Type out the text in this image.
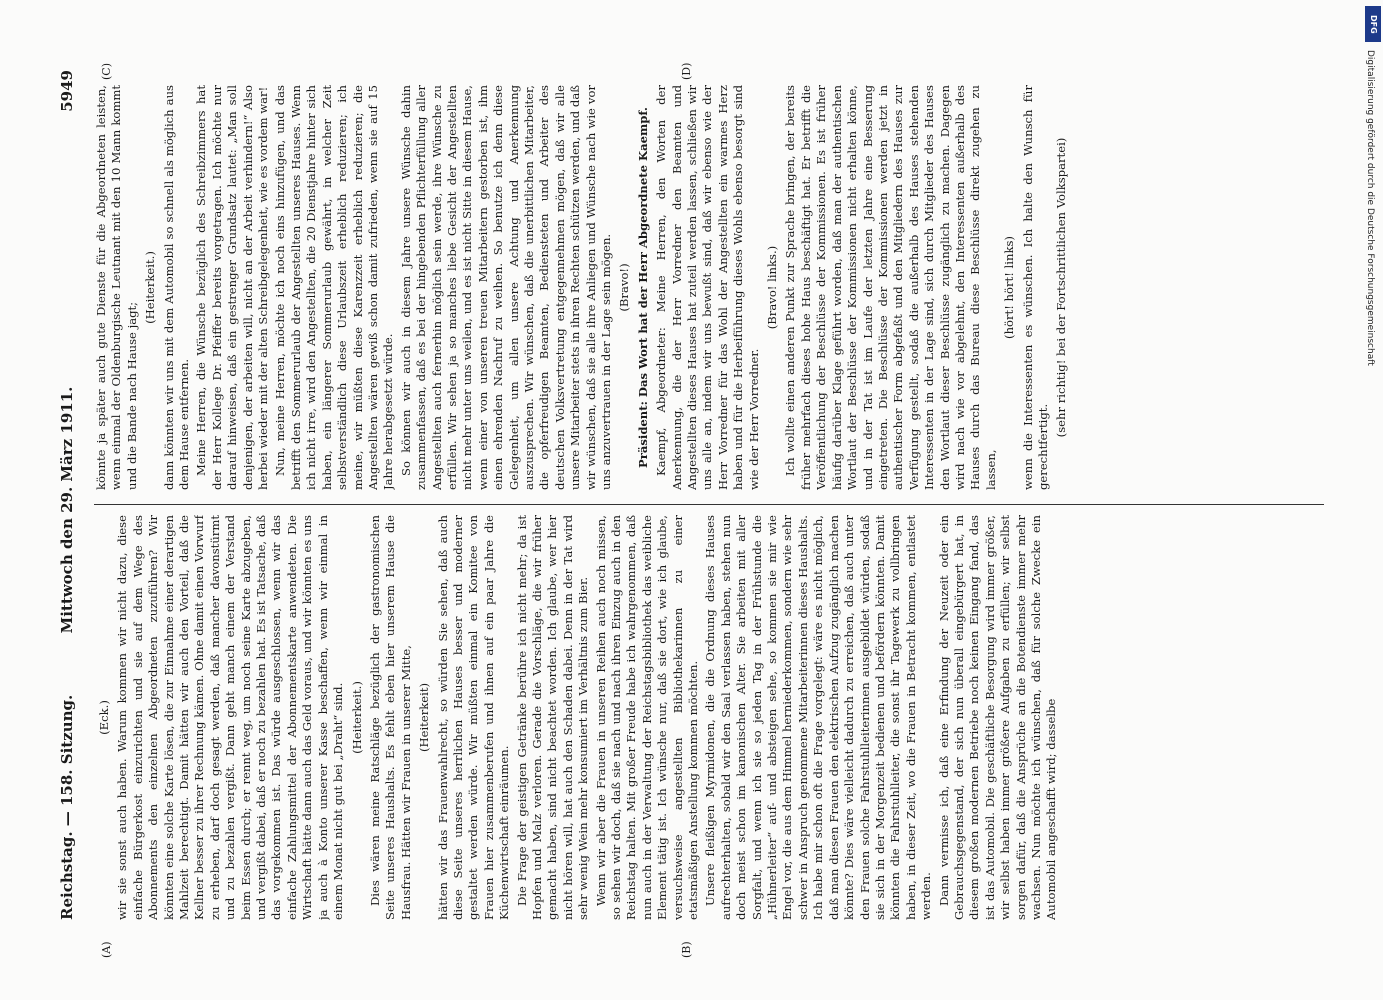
Reichstag. — 158. Sitzung.
Mittwoch den 29. März 1911.
5949
(A)	(B)
(C)	(D)

(Eck.) wir sie sonst auch haben. Warum kommen wir nicht dazu, diese einfache Bürgerkost einzurichten und sie auf dem Wege des Abonnements den einzelnen Abgeordneten zuzuführen? Wir könnten eine solche Karte lösen, die zur Einnahme einer derartigen Mahlzeit berechtigt. Damit hätten wir auch den Vorteil, daß die Kellner besser zu ihrer Rechnung kämen. Ohne damit einen Vorwurf zu erheben, darf doch gesagt werden, daß mancher davonstürmt und zu bezahlen vergißt. Dann geht manch einem der Verstand beim Essen durch; er rennt weg, um noch seine Karte abzugeben, und vergißt dabei, daß er noch zu bezahlen hat. Es ist Tatsache, daß das vorgekommen ist. Das würde ausgeschlossen, wenn wir das einfache Zahlungsmittel der Abonnementskarte anwendeten. Die Wirtschaft hätte dann auch das Geld voraus, und wir könnten es uns ja auch à Konto unserer Kasse beschaffen, wenn wir einmal in einem Monat nicht gut bei „Draht“ sind. (Heiterkeit.) Dies wären meine Ratschläge bezüglich der gastronomischen Seite unseres Haushalts. Es fehlt eben hier unserem Hause die Hausfrau. Hätten wir Frauen in unserer Mitte, (Heiterkeit) hätten wir das Frauenwahlrecht, so würden Sie sehen, daß auch diese Seite unseres herrlichen Hauses besser und moderner gestaltet werden würde. Wir müßten einmal ein Komitee von Frauen hier zusammenberufen und ihnen auf ein paar Jahre die Küchenwirtschaft einräumen. Die Frage der geistigen Getränke berühre ich nicht mehr; da ist Hopfen und Malz verloren. Gerade die Vorschläge, die wir früher gemacht haben, sind nicht beachtet worden. Ich glaube, wer hier nicht hören will, hat auch den Schaden dabei. Denn in der Tat wird sehr wenig Wein mehr konsumiert im Verhältnis zum Bier. Wenn wir aber die Frauen in unseren Reihen auch noch missen, so sehen wir doch, daß sie nach und nach ihren Einzug auch in den Reichstag halten. Mit großer Freude habe ich wahrgenommen, daß nun auch in der Verwaltung der Reichstagsbibliothek das weibliche Element tätig ist. Ich wünsche nur, daß sie dort, wie ich glaube, versuchsweise angestellten Bibliothekarinnen zu einer etatsmäßigen Anstellung kommen möchten. Unsere fleißigen Myrmidonen, die die Ordnung dieses Hauses aufrechterhalten, sobald wir den Saal verlassen haben, stehen nun doch meist schon im kanonischen Alter. Sie arbeiten mit aller Sorgfalt, und wenn ich sie so jeden Tag in der Frühstunde die „Hühnerleiter“ auf- und absteigen sehe, so kommen sie mir wie Engel vor, die aus dem Himmel herniederkommen, sondern wie sehr schwer in Anspruch genommene Mitarbeiterinnen dieses Haushalts. Ich habe mir schon oft die Frage vorgelegt: wäre es nicht möglich, daß man diesen Frauen den elektrischen Aufzug zugänglich machen könnte? Dies wäre vielleicht dadurch zu erreichen, daß auch unter den Frauen solche Fahrstuhlleiterinnen ausgebildet würden, sodaß sie sich in der Morgenzeit bedienen und befördern könnten. Damit könnten die Fahrstuhlleiter, die sonst ihr Tagewerk zu vollbringen haben, in dieser Zeit, wo die Frauen in Betracht kommen, entlastet werden. Dann vermisse ich, daß eine Erfindung der Neuzeit oder ein Gebrauchsgegenstand, der sich nun überall eingebürgert hat, in diesem großen modernen Betriebe noch keinen Eingang fand, das ist das Automobil. Die geschäftliche Besorgung wird immer größer, wir selbst haben immer größere Aufgaben zu erfüllen; wir selbst sorgen dafür, daß die Ansprüche an die Botendienste immer mehr wachsen. Nun möchte ich wünschen, daß für solche Zwecke ein Automobil angeschafft wird; dasselbe

könnte ja später auch gute Dienste für die Abgeordneten leisten, wenn einmal der Oldenburgische Leutnant mit den 10 Mann kommt und die Bande nach Hause jagt;

(Heiterkeit.) dann könnten wir uns mit dem Automobil so schnell als möglich aus dem Hause entfernen. Meine Herren, die Wünsche bezüglich des Schreibzimmers hat der Herr Kollege Dr. Pfeiffer bereits vorgetragen. Ich möchte nur darauf hinweisen, daß ein gestrenger Grundsatz lautet: „Man soll denjenigen, der arbeiten will, nicht an der Arbeit verhindern!“ Also herbei wieder mit der alten Schreibgelegenheit, wie es vordem war! Nun, meine Herren, möchte ich noch eins hinzufügen, und das betrifft den Sommerurlaub der Angestellten unseres Hauses. Wenn ich nicht irre, wird den Angestellten, die 20 Dienstjahre hinter sich haben, ein längerer Sommerurlaub gewährt, in welcher Zeit selbstverständlich diese Urlaubszeit erheblich reduzieren; ich meine, wir müßten diese Karenzzeit erheblich reduzieren; die Angestellten wären gewiß schon damit zufrieden, wenn sie auf 15 Jahre herabgesetzt würde. So können wir auch in diesem Jahre unsere Wünsche dahin zusammenfassen, daß es bei der hingebenden Pflichterfüllung aller Angestellten auch fernerhin möglich sein werde, ihre Wünsche zu erfüllen. Wir sehen ja so manches liebe Gesicht der Angestellten nicht mehr unter uns weilen, und es ist nicht Sitte in diesem Hause, wenn einer von unseren treuen Mitarbeitern gestorben ist, ihm einen ehrenden Nachruf zu weihen. So benutze ich denn diese Gelegenheit, um allen unsere Achtung und Anerkennung auszusprechen. Wir wünschen, daß die unerbittlichen Mitarbeiter, die opferfreudigen Beamten, Bediensteten und Arbeiter des deutschen Volksvertretung entgegennehmen mögen, daß wir alle unsere Mitarbeiter stets in ihren Rechten schützen werden, und daß wir wünschen, daß sie alle ihre Anliegen und Wünsche nach wie vor uns anzuvertrauen in der Lage sein mögen. (Bravo!) Präsident: Das Wort hat der Herr Abgeordnete Kaempf. Kaempf, Abgeordneter: Meine Herren, den Worten der Anerkennung, die der Herr Vorredner den Beamten und Angestellten dieses Hauses hat zuteil werden lassen, schließen wir uns alle an, indem wir uns bewußt sind, daß wir ebenso wie der Herr Vorredner für das Wohl der Angestellten ein warmes Herz haben und für die Herbeiführung dieses Wohls ebenso besorgt sind wie der Herr Vorredner.

(Bravo! links.) Ich wollte einen anderen Punkt zur Sprache bringen, der bereits früher mehrfach dieses hohe Haus beschäftigt hat. Er betrifft die Veröffentlichung der Beschlüsse der Kommissionen. Es ist früher häufig darüber Klage geführt worden, daß man der authentischen Wortlaut der Beschlüsse der Kommissionen nicht erhalten könne, und in der Tat ist im Laufe der letzten Jahre eine Besserung eingetreten. Die Beschlüsse der Kommissionen werden jetzt in authentischer Form abgefaßt und den Mitgliedern des Hauses zur Verfügung gestellt, sodaß die außerhalb des Hauses stehenden Interessenten in der Lage sind, sich durch Mitglieder des Hauses den Wortlaut dieser Beschlüsse zugänglich zu machen. Dagegen wird nach wie vor abgelehnt, den Interessenten außerhalb des Hauses durch das Bureau diese Beschlüsse direkt zugehen zu lassen,

(hört! hört! links) wenn die Interessenten es wünschen. Ich halte den Wunsch für gerechtfertigt.

(sehr richtig! bei der Fortschrittlichen Volkspartei)

DFG
Digitalisierung gefördert durch die Deutsche Forschungsgemeinschaft
